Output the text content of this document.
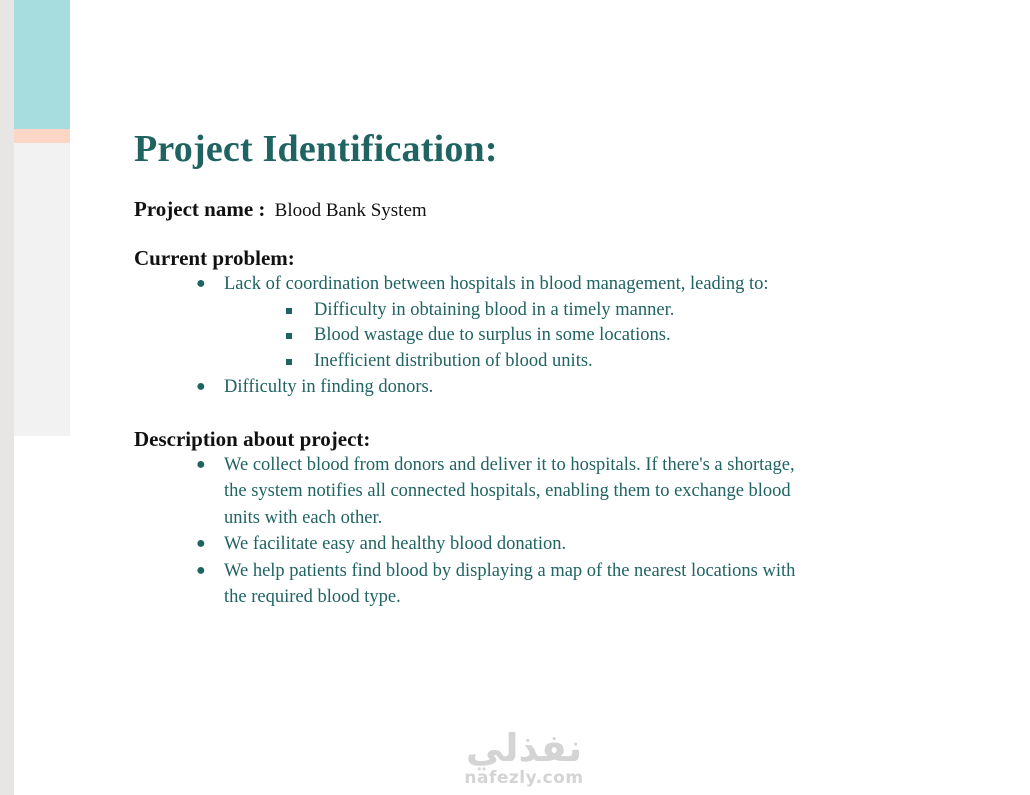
Project Identification:
Project name : Blood Bank System
Current problem:
● Lack of coordination between hospitals in blood management, leading to:
Difficulty in obtaining blood in a timely manner.
Blood wastage due to surplus in some locations.
Inefficient distribution of blood units.
● Difficulty in finding donors.
Description about project:
● We collect blood from donors and deliver it to hospitals. If there's a shortage, the system notifies all connected hospitals, enabling them to exchange blood units with each other.
● We facilitate easy and healthy blood donation.
● We help patients find blood by displaying a map of the nearest locations with the required blood type.
نفذلي
nafezly.com
